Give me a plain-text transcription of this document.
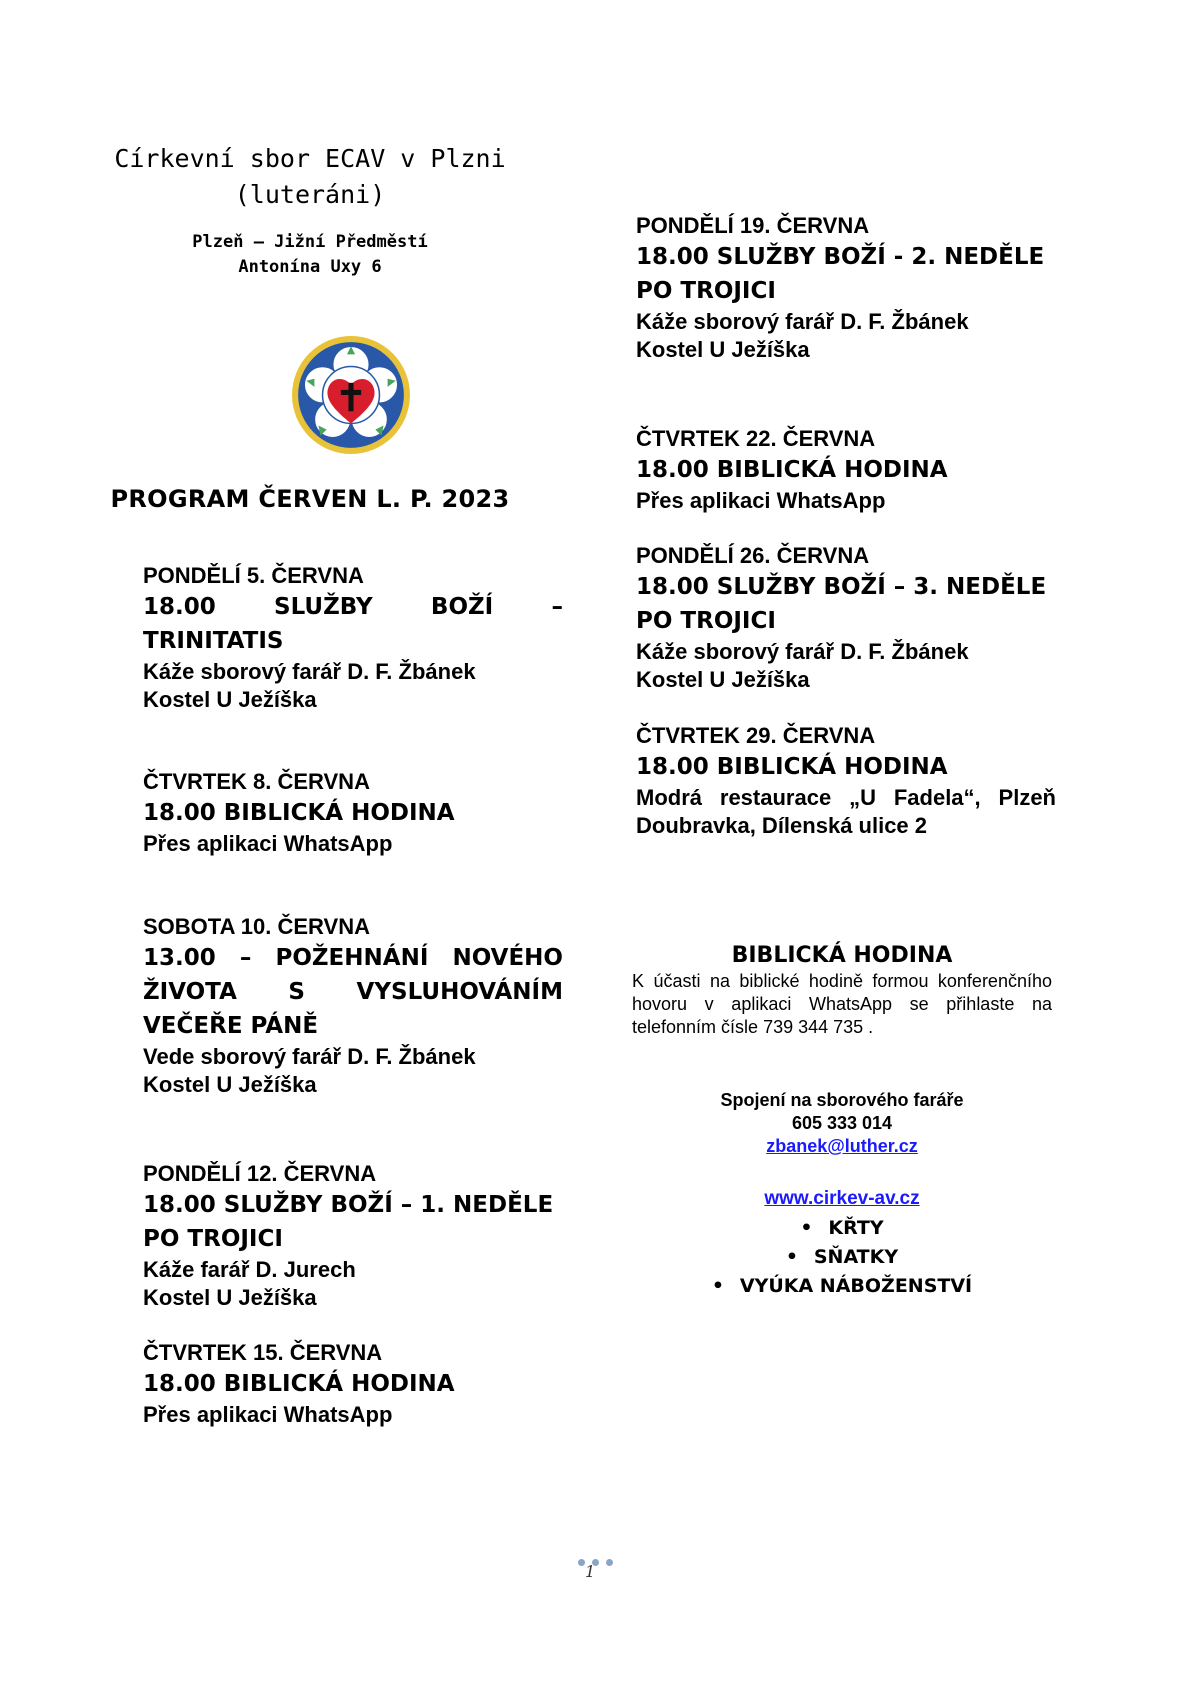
Církevní sbor ECAV v Plzni
(luteráni)
Plzeň – Jižní Předměstí
Antonína Uxy 6
PROGRAM ČERVEN L. P. 2023
PONDĚLÍ 5. ČERVNA
18.00 SLUŽBY BOŽÍ –
TRINITATIS
Káže sborový farář D. F. Žbánek
Kostel U Ježíška
ČTVRTEK 8. ČERVNA
18.00 BIBLICKÁ HODINA
Přes aplikaci WhatsApp
SOBOTA 10. ČERVNA
13.00 – POŽEHNÁNÍ NOVÉHO
ŽIVOTA S VYSLUHOVÁNÍM
VEČEŘE PÁNĚ
Vede sborový farář D. F. Žbánek
Kostel U Ježíška
PONDĚLÍ 12. ČERVNA
18.00 SLUŽBY BOŽÍ – 1. NEDĚLE
PO TROJICI
Káže farář D. Jurech
Kostel U Ježíška
ČTVRTEK 15. ČERVNA
18.00 BIBLICKÁ HODINA
Přes aplikaci WhatsApp
PONDĚLÍ 19. ČERVNA
18.00 SLUŽBY BOŽÍ - 2. NEDĚLE
PO TROJICI
Káže sborový farář D. F. Žbánek
Kostel U Ježíška
ČTVRTEK 22. ČERVNA
18.00 BIBLICKÁ HODINA
Přes aplikaci WhatsApp
PONDĚLÍ 26. ČERVNA
18.00 SLUŽBY BOŽÍ – 3. NEDĚLE
PO TROJICI
Káže sborový farář D. F. Žbánek
Kostel U Ježíška
ČTVRTEK 29. ČERVNA
18.00 BIBLICKÁ HODINA
Modrá restaurace „U Fadela“, Plzeň
Doubravka, Dílenská ulice 2
BIBLICKÁ HODINA
K účasti na biblické hodině formou konferenčního hovoru v aplikaci WhatsApp se přihlaste na telefonním čísle 739 344 735 .
Spojení na sborového faráře
605 333 014
zbanek@luther.cz
www.cirkev-av.cz
• KŘTY
• SŇATKY
• VYÚKA NÁBOŽENSTVÍ
1
